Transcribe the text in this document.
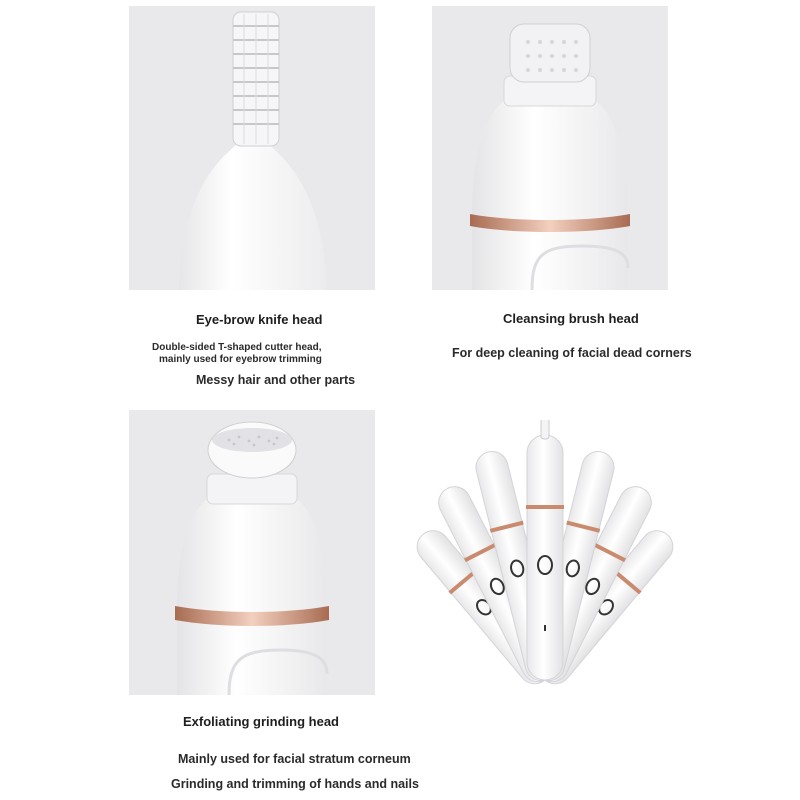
Eye-brow knife head
Double-sided T-shaped cutter head,
mainly used for eyebrow trimming
Messy hair and other parts
Cleansing brush head
For deep cleaning of facial dead corners
Exfoliating grinding head
Mainly used for facial stratum corneum
Grinding and trimming of hands and nails
